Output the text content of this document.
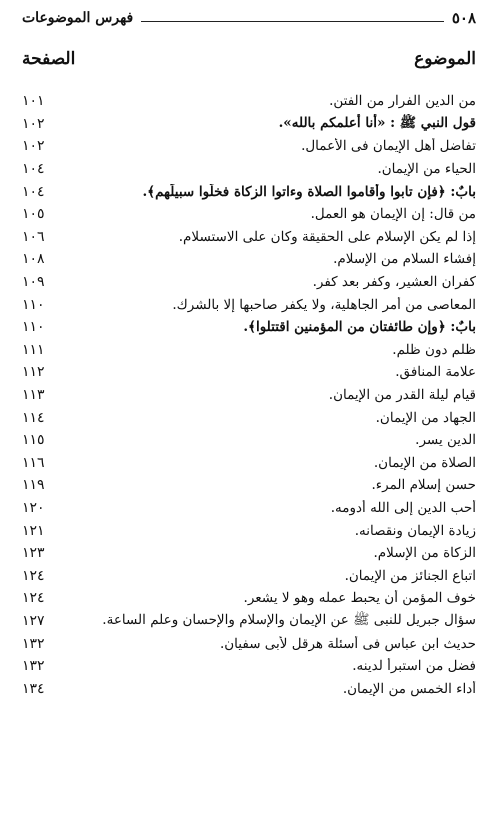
٥٠٨
فهرس الموضوعات
الموضوع
الصفحة
من الدين الفرار من الفتن.
١٠١
قول النبي ﷺ : «أنا أعلمكم بالله».
١٠٢
تفاضل أهل الإيمان فى الأعمال.
١٠٢
الحياء من الإيمان.
١٠٤
بابٌ: ﴿فإن تابوا وأقاموا الصلاة وءاتوا الزكاة فخلُّوا سبيلَهم﴾.
١٠٤
من قال: إن الإيمان هو العمل.
١٠٥
إذا لم يكن الإسلام على الحقيقة وكان على الاستسلام.
١٠٦
إفشاء السلام من الإسلام.
١٠٨
كفران العشير، وكفر بعد كفر.
١٠٩
المعاصى من أمر الجاهلية، ولا يكفر صاحبها إلا بالشرك.
١١٠
بابٌ: ﴿وإن طائفتان من المؤمنين اقتتلوا﴾.
١١٠
ظلم دون ظلم.
١١١
علامة المنافق.
١١٢
قيام ليلة القدر من الإيمان.
١١٣
الجهاد من الإيمان.
١١٤
الدين يسر.
١١٥
الصلاة من الإيمان.
١١٦
حسن إسلام المرء.
١١٩
أحب الدين إلى الله أدومه.
١٢٠
زيادة الإيمان ونقصانه.
١٢١
الزكاة من الإسلام.
١٢٣
اتباع الجنائز من الإيمان.
١٢٤
خوف المؤمن أن يحبط عمله وهو لا يشعر.
١٢٤
سؤال جبريل للنبى ﷺ عن الإيمان والإسلام والإحسان وعلم الساعة.
١٢٧
حديث ابن عباس فى أسئلة هرقل لأبى سفيان.
١٣٢
فضل من استبرأ لدينه.
١٣٢
أداء الخمس من الإيمان.
١٣٤
